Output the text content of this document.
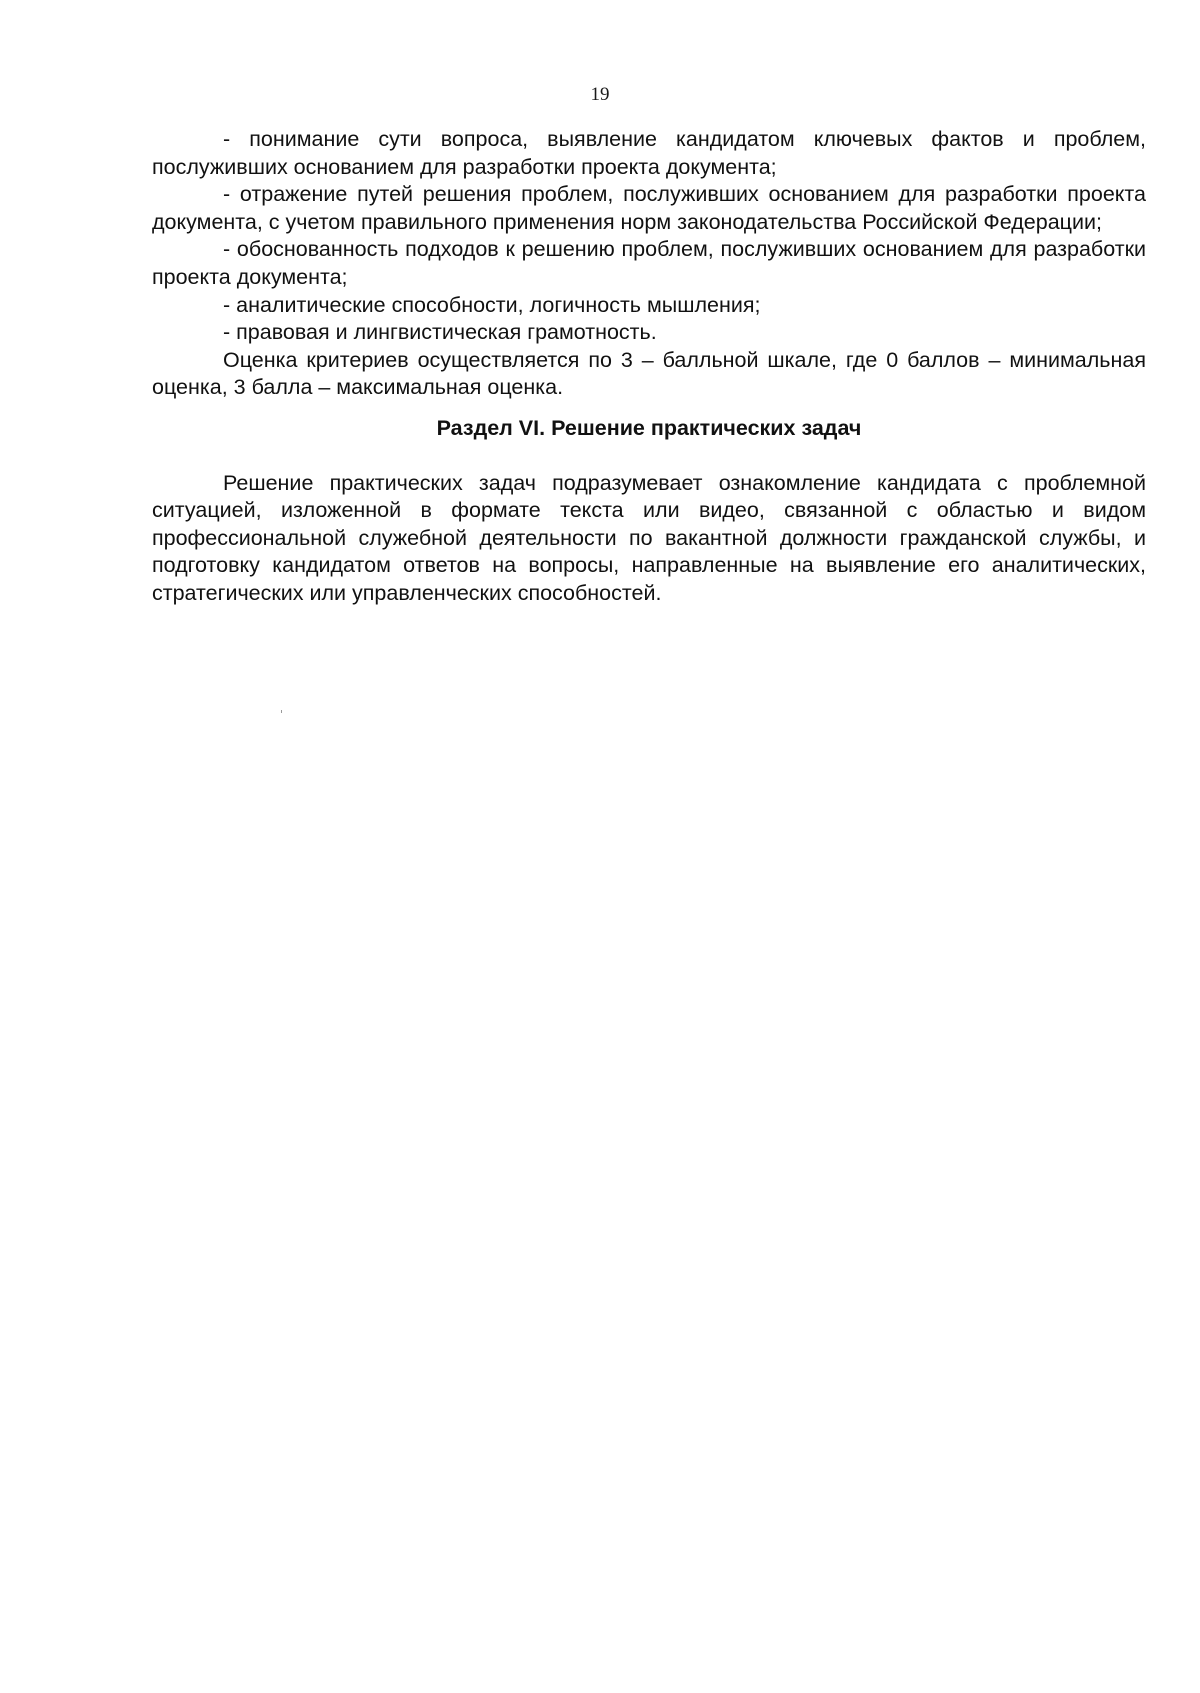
19

- понимание сути вопроса, выявление кандидатом ключевых фактов и проблем, послуживших основанием для разработки проекта документа;

- отражение путей решения проблем, послуживших основанием для разработки проекта документа, с учетом правильного применения норм законодательства Российской Федерации;

- обоснованность подходов к решению проблем, послуживших основанием для разработки проекта документа;

- аналитические способности, логичность мышления;

- правовая и лингвистическая грамотность.

Оценка критериев осуществляется по 3 – балльной шкале, где 0 баллов – минимальная оценка, 3 балла – максимальная оценка.

Раздел VI. Решение практических задач

Решение практических задач подразумевает ознакомление кандидата с проблемной ситуацией, изложенной в формате текста или видео, связанной с областью и видом профессиональной служебной деятельности по вакантной должности гражданской службы, и подготовку кандидатом ответов на вопросы, направленные на выявление его аналитических, стратегических или управленческих способностей.
